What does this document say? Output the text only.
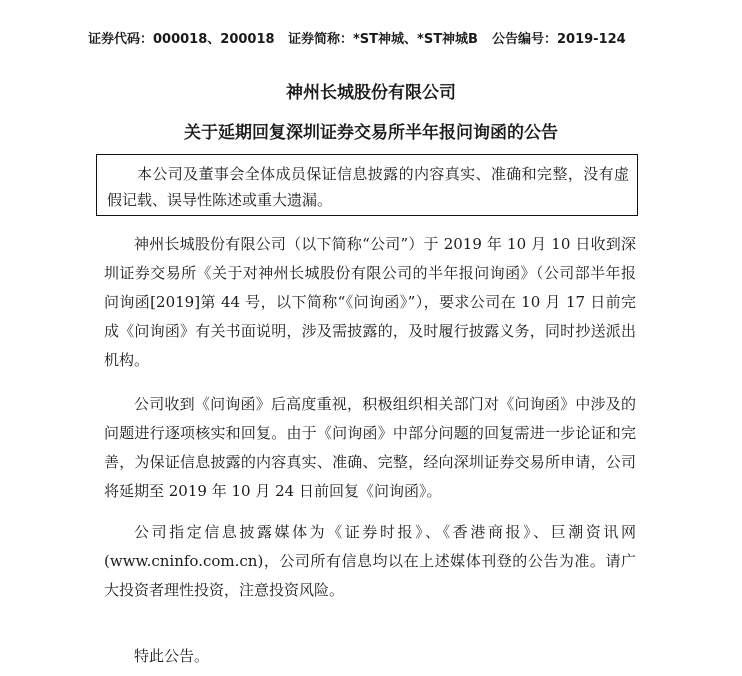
证券代码：000018、200018 证券简称：*ST神城、*ST神城B 公告编号：2019-124
神州长城股份有限公司
关于延期回复深圳证券交易所半年报问询函的公告
本公司及董事会全体成员保证信息披露的内容真实、准确和完整，没有虚假记载、误导性陈述或重大遗漏。
神州长城股份有限公司（以下简称“公司”）于 2019 年 10 月 10 日收到深圳证券交易所《关于对神州长城股份有限公司的半年报问询函》（公司部半年报问询函[2019]第 44 号，以下简称“《问询函》”），要求公司在 10 月 17 日前完成《问询函》有关书面说明，涉及需披露的，及时履行披露义务，同时抄送派出机构。
公司收到《问询函》后高度重视，积极组织相关部门对《问询函》中涉及的问题进行逐项核实和回复。由于《问询函》中部分问题的回复需进一步论证和完善，为保证信息披露的内容真实、准确、完整，经向深圳证券交易所申请，公司将延期至 2019 年 10 月 24 日前回复《问询函》。
公司指定信息披露媒体为《证券时报》、《香港商报》、巨潮资讯网(www.cninfo.com.cn)，公司所有信息均以在上述媒体刊登的公告为准。请广大投资者理性投资，注意投资风险。
特此公告。
